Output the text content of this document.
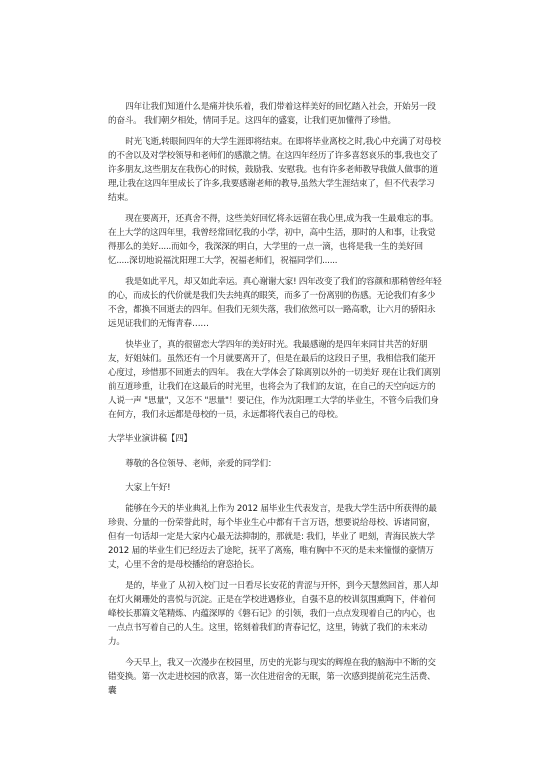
四年让我们知道什么是痛并快乐着，我们带着这样美好的回忆踏入社会，开始另一段的奋斗。 我们朝夕相处，情同手足。这四年的盛宴，让我们更加懂得了珍惜。

时光飞逝,转眼间四年的大学生涯即将结束。在即将毕业离校之时,我心中充满了对母校的不舍以及对学校领导和老师们的感激之情。在这四年经历了许多喜怒哀乐的事,我也交了许多朋友,这些朋友在我伤心的时候，鼓励我、安慰我。也有许多老师教导我做人做事的道理,让我在这四年里成长了许多,我要感谢老师的教导,虽然大学生涯结束了，但不代表学习结束。

现在要离开，还真舍不得，这些美好回忆将永远留在我心里,成为我一生最难忘的事。在上大学的这四年里，我曾经常回忆我的小学，初中，高中生活，那时的人和事，让我觉得那么的美好.....而如今，我深深的明白，大学里的一点一滴，也将是我一生的美好回忆.....深切地说福沈阳理工大学，祝福老师们，祝福同学们......

我是如此平凡，却又如此幸运。真心谢谢大家! 四年改变了我们的容颜和那稍曾经年轻的心，而成长的代价就是我们失去纯真的眼笑，而多了一份离别的伤感。无论我们有多少不舍，都换不回逝去的四年。但我们无须失落，我们依然可以一路高歌，让六月的骄阳永远见证我们的无悔青春……

快毕业了，真的很留恋大学四年的美好时光。我最感谢的是四年来同甘共苦的好朋友，好姐妹们。虽然还有一个月就要离开了，但是在最后的这段日子里，我相信我们能开心度过，珍惜那不回逝去的四年。 我在大学体会了除离别以外的一切美好 现在让我们离别前互道珍重，让我们在这最后的时光里，也将会为了我们的友谊，在自己的天空向远方的人说一声 "思量"，又怎不 "思量"！要记住，作为沈阳理工大学的毕业生，不管今后我们身在何方，我们永远都是母校的一员，永远都将代表自己的母校。

大学毕业演讲稿【四】

尊敬的各位领导、老师，亲爱的同学们：

大家上午好!

能够在今天的毕业典礼上作为 2012 届毕业生代表发言，是我大学生活中所获得的最珍贵、分量的一份荣誉此时，每个毕业生心中都有千言万语，想要说给母校、诉诸同窗，但有一句话却一定是大家内心最无法抑制的，那就是: 我们，毕业了 吧刻，青海民族大学 2012 届的毕业生们已经迈去了途陀，抚平了离殇，唯有胸中不灭的是未来憧憬的豪情万丈，心里不舍的是母校播给的窘恣拾长。

是的，毕业了 从初入校门过一日看尽长安花的青涩与开怀，到今天慧然回首，那人却在灯火阑珊处的喜悦与沉淀。正是在学校进遇修业，自强不息的校训氛围熏陶下，伴着何峰校长那篇文笔精炼、内蕴深厚的《磐石记》的引领，我们一点点发现着自己的内心，也一点点书写着自己的人生。这里，铭刻着我们的青春记忆，这里，铸就了我们的未来动力。

今天早上，我又一次漫步在校园里，历史的光影与现实的辉煌在我的脑海中不断的交错变换。第一次走进校园的欣喜，第一次住进宿舍的无眠，第一次感到提前花完生活费、囊
